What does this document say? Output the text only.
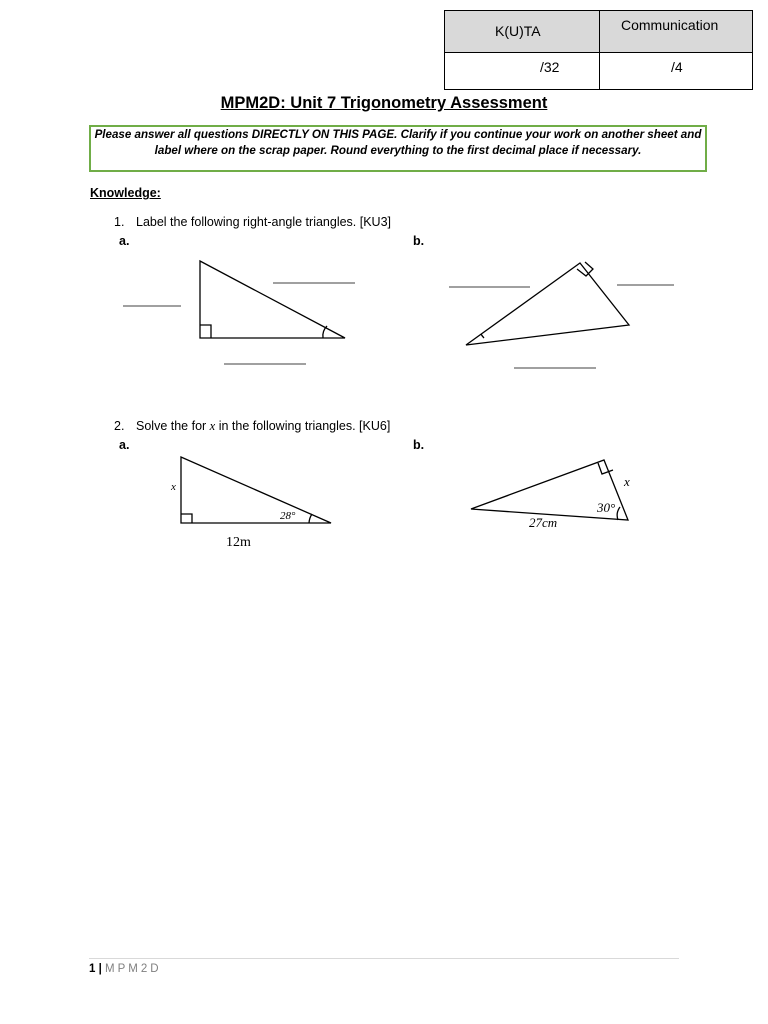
K(U)TA	Communication
/32	/4
MPM2D: Unit 7 Trigonometry Assessment
Please answer all questions DIRECTLY ON THIS PAGE. Clarify if you continue your work on another sheet and label where on the scrap paper. Round everything to the first decimal place if necessary.
Knowledge:
1. Label the following right-angle triangles. [KU3]
a.	b.
2. Solve the for x in the following triangles. [KU6]
a.	b.
x
28°
12m
x
30°
27cm
1 | MPM2D
